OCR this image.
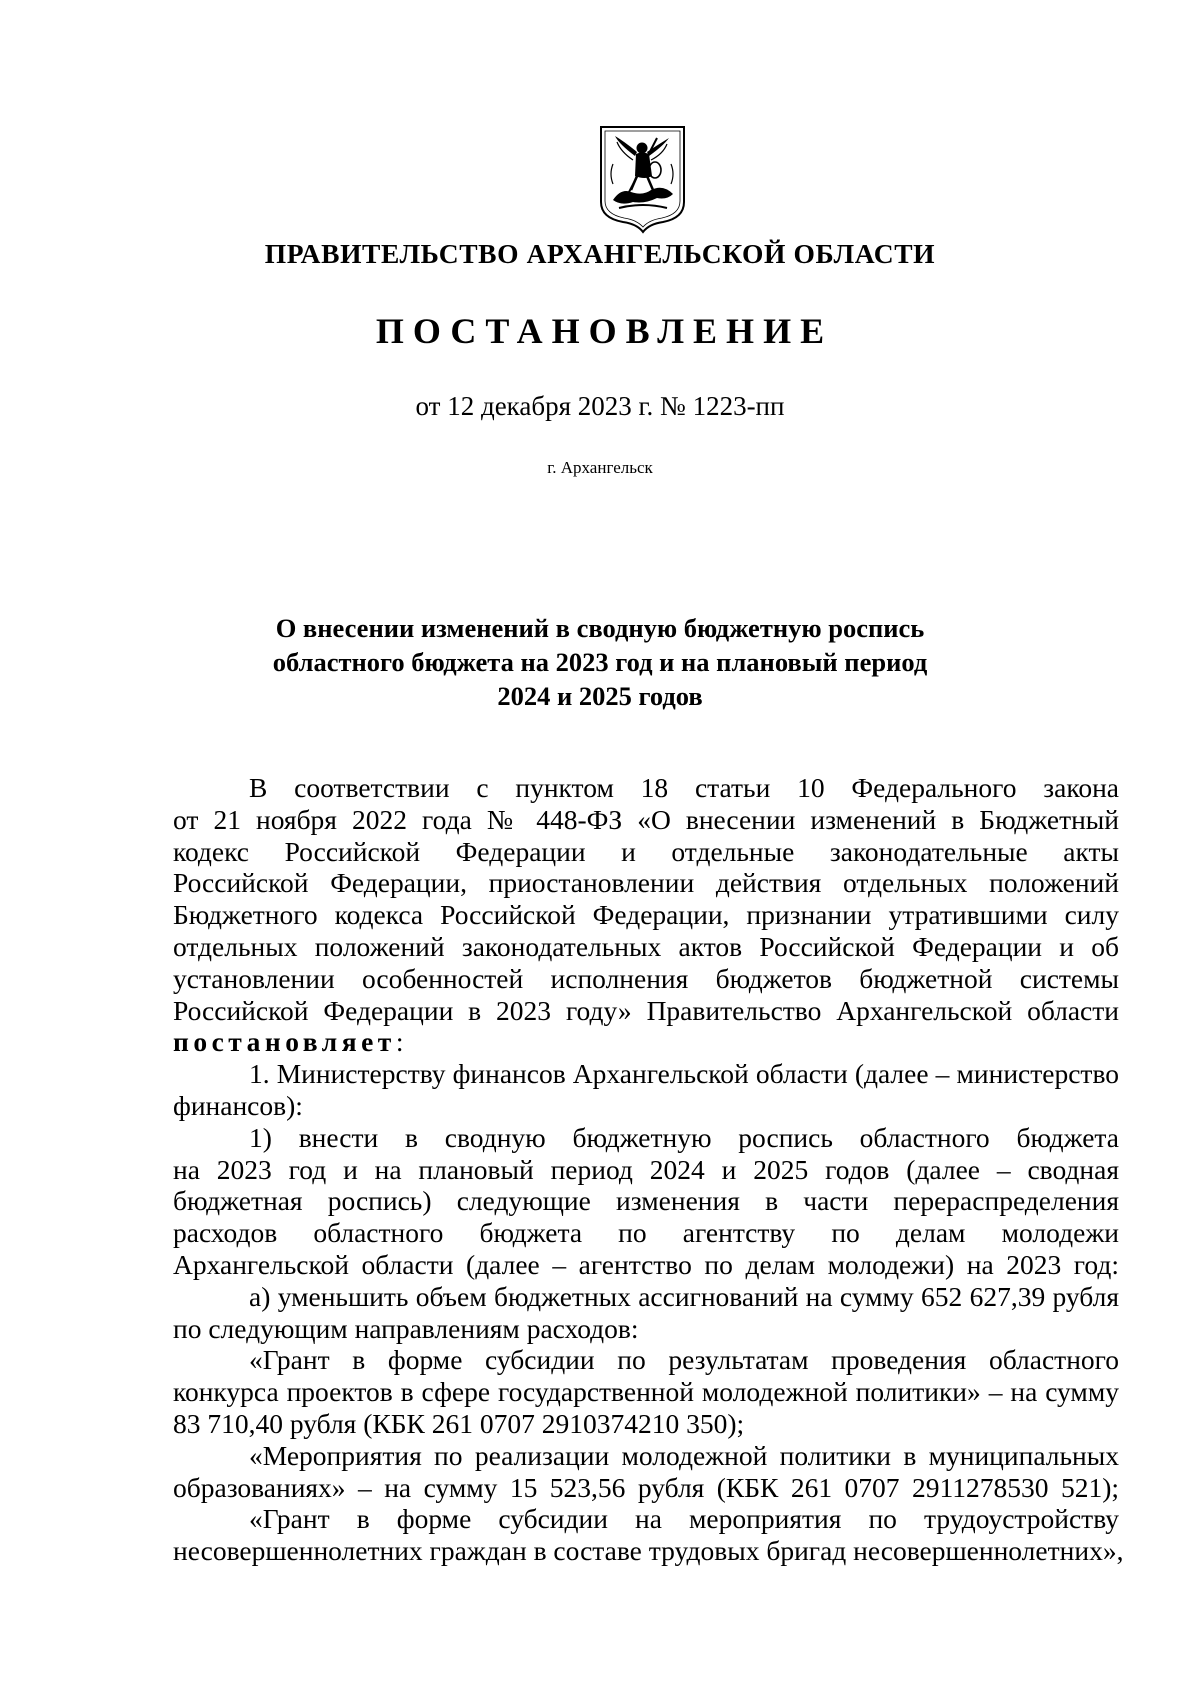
ПРАВИТЕЛЬСТВО АРХАНГЕЛЬСКОЙ ОБЛАСТИ
ПОСТАНОВЛЕНИЕ
от 12 декабря 2023 г. № 1223-пп
г. Архангельск
О внесении изменений в сводную бюджетную роспись
областного бюджета на 2023 год и на плановый период
2024 и 2025 годов
В соответствии с пунктом 18 статьи 10 Федерального закона
от 21 ноября 2022 года № 448-ФЗ «О внесении изменений в Бюджетный
кодекс Российской Федерации и отдельные законодательные акты
Российской Федерации, приостановлении действия отдельных положений
Бюджетного кодекса Российской Федерации, признании утратившими силу
отдельных положений законодательных актов Российской Федерации и об
установлении особенностей исполнения бюджетов бюджетной системы
Российской Федерации в 2023 году» Правительство Архангельской области
постановляет:
1. Министерству финансов Архангельской области (далее – министерство
финансов):
1) внести в сводную бюджетную роспись областного бюджета
на 2023 год и на плановый период 2024 и 2025 годов (далее – сводная
бюджетная роспись) следующие изменения в части перераспределения
расходов областного бюджета по агентству по делам молодежи
Архангельской области (далее – агентство по делам молодежи) на 2023 год:
а) уменьшить объем бюджетных ассигнований на сумму 652 627,39 рубля
по следующим направлениям расходов:
«Грант в форме субсидии по результатам проведения областного
конкурса проектов в сфере государственной молодежной политики» – на сумму
83 710,40 рубля (КБК 261 0707 2910374210 350);
«Мероприятия по реализации молодежной политики в муниципальных
образованиях» – на сумму 15 523,56 рубля (КБК 261 0707 2911278530 521);
«Грант в форме субсидии на мероприятия по трудоустройству
несовершеннолетних граждан в составе трудовых бригад несовершеннолетних»,
